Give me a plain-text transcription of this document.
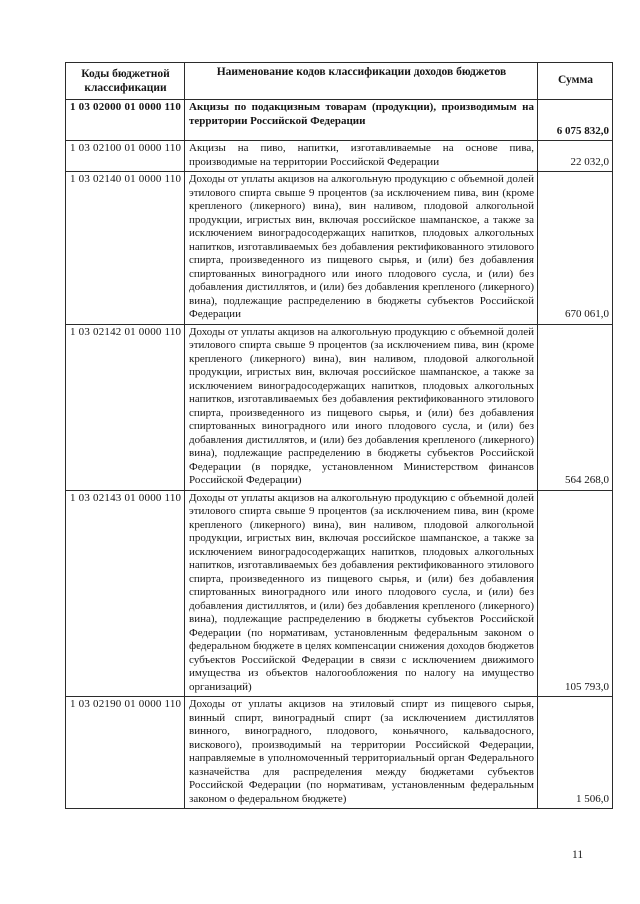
Коды бюджетной классификации	Наименование кодов классификации доходов бюджетов	Сумма
1 03 02000 01 0000 110	Акцизы по подакцизным товарам (продукции), производимым на территории Российской Федерации	6 075 832,0
1 03 02100 01 0000 110	Акцизы на пиво, напитки, изготавливаемые на основе пива, производимые на территории Российской Федерации	22 032,0
1 03 02140 01 0000 110	Доходы от уплаты акцизов на алкогольную продукцию с объемной долей этилового спирта свыше 9 процентов (за исключением пива, вин (кроме крепленого (ликерного) вина), вин наливом, плодовой алкогольной продукции, игристых вин, включая российское шампанское, а также за исключением виноградосодержащих напитков, плодовых алкогольных напитков, изготавливаемых без добавления ректификованного этилового спирта, произведенного из пищевого сырья, и (или) без добавления спиртованных виноградного или иного плодового сусла, и (или) без добавления дистиллятов, и (или) без добавления крепленого (ликерного) вина), подлежащие распределению в бюджеты субъектов Российской Федерации	670 061,0
1 03 02142 01 0000 110	Доходы от уплаты акцизов на алкогольную продукцию с объемной долей этилового спирта свыше 9 процентов (за исключением пива, вин (кроме крепленого (ликерного) вина), вин наливом, плодовой алкогольной продукции, игристых вин, включая российское шампанское, а также за исключением виноградосодержащих напитков, плодовых алкогольных напитков, изготавливаемых без добавления ректификованного этилового спирта, произведенного из пищевого сырья, и (или) без добавления спиртованных виноградного или иного плодового сусла, и (или) без добавления дистиллятов, и (или) без добавления крепленого (ликерного) вина), подлежащие распределению в бюджеты субъектов Российской Федерации (в порядке, установленном Министерством финансов Российской Федерации)	564 268,0
1 03 02143 01 0000 110	Доходы от уплаты акцизов на алкогольную продукцию с объемной долей этилового спирта свыше 9 процентов (за исключением пива, вин (кроме крепленого (ликерного) вина), вин наливом, плодовой алкогольной продукции, игристых вин, включая российское шампанское, а также за исключением виноградосодержащих напитков, плодовых алкогольных напитков, изготавливаемых без добавления ректификованного этилового спирта, произведенного из пищевого сырья, и (или) без добавления спиртованных виноградного или иного плодового сусла, и (или) без добавления дистиллятов, и (или) без добавления крепленого (ликерного) вина), подлежащие распределению в бюджеты субъектов Российской Федерации (по нормативам, установленным федеральным законом о федеральном бюджете в целях компенсации снижения доходов бюджетов субъектов Российской Федерации в связи с исключением движимого имущества из объектов налогообложения по налогу на имущество организаций)	105 793,0
1 03 02190 01 0000 110	Доходы от уплаты акцизов на этиловый спирт из пищевого сырья, винный спирт, виноградный спирт (за исключением дистиллятов винного, виноградного, плодового, коньячного, кальвадосного, вискового), производимый на территории Российской Федерации, направляемые в уполномоченный территориальный орган Федерального казначейства для распределения между бюджетами субъектов Российской Федерации (по нормативам, установленным федеральным законом о федеральном бюджете)	1 506,0
11
